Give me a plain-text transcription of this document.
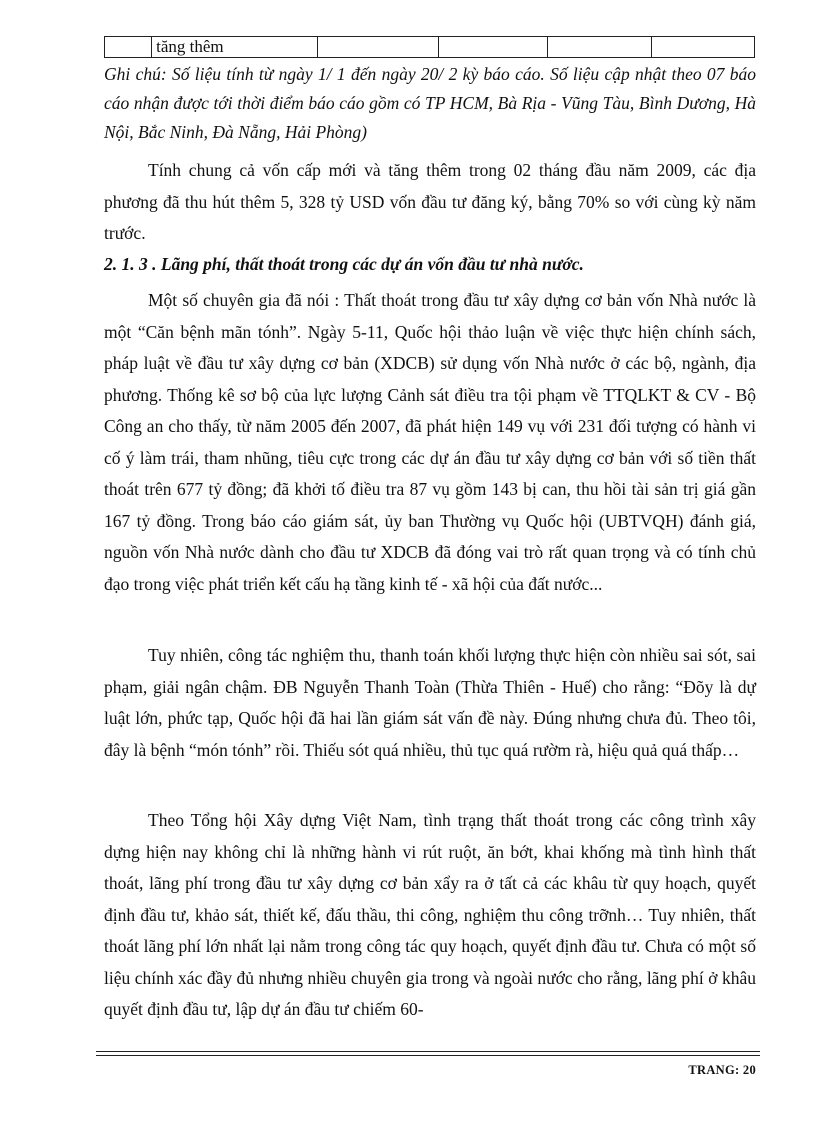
	tăng thêm				
Ghi chú: Số liệu tính từ ngày 1/ 1 đến ngày 20/ 2 kỳ báo cáo. Số liệu cập nhật theo 07 báo cáo nhận được tới thời điểm báo cáo gồm có TP HCM, Bà Rịa - Vũng Tàu, Bình Dương, Hà Nội, Bắc Ninh, Đà Nẵng, Hải Phòng)

Tính chung cả vốn cấp mới và tăng thêm trong 02 tháng đầu năm 2009, các địa phương đã thu hút thêm 5, 328 tỷ USD vốn đầu tư đăng ký, bằng 70% so với cùng kỳ năm trước.

2. 1. 3 . Lãng phí, thất thoát trong các dự án vốn đầu tư nhà nước.

Một số chuyên gia đã nói : Thất thoát trong đầu tư xây dựng cơ bản vốn Nhà nước là một “Căn bệnh mãn tónh”. Ngày 5-11, Quốc hội thảo luận về việc thực hiện chính sách, pháp luật về đầu tư xây dựng cơ bản (XDCB) sử dụng vốn Nhà nước ở các bộ, ngành, địa phương. Thống kê sơ bộ của lực lượng Cảnh sát điều tra tội phạm về TTQLKT & CV - Bộ Công an cho thấy, từ năm 2005 đến 2007, đã phát hiện 149 vụ với 231 đối tượng có hành vi cố ý làm trái, tham nhũng, tiêu cực trong các dự án đầu tư xây dựng cơ bản với số tiền thất thoát trên 677 tỷ đồng; đã khởi tố điều tra 87 vụ gồm 143 bị can, thu hồi tài sản trị giá gần 167 tỷ đồng. Trong báo cáo giám sát, ủy ban Thường vụ Quốc hội (UBTVQH) đánh giá, nguồn vốn Nhà nước dành cho đầu tư XDCB đã đóng vai trò rất quan trọng và có tính chủ đạo trong việc phát triển kết cấu hạ tầng kinh tế - xã hội của đất nước...

Tuy nhiên, công tác nghiệm thu, thanh toán khối lượng thực hiện còn nhiều sai sót, sai phạm, giải ngân chậm. ĐB Nguyễn Thanh Toàn (Thừa Thiên - Huế) cho rằng: “Đõy là dự luật lớn, phức tạp, Quốc hội đã hai lần giám sát vấn đề này. Đúng nhưng chưa đủ. Theo tôi, đây là bệnh “món tónh” rồi. Thiếu sót quá nhiều, thủ tục quá rườm rà, hiệu quả quá thấp…

Theo Tổng hội Xây dựng Việt Nam, tình trạng thất thoát trong các công trình xây dựng hiện nay không chỉ là những hành vi rút ruột, ăn bớt, khai khống mà tình hình thất thoát, lãng phí trong đầu tư xây dựng cơ bản xẩy ra ở tất cả các khâu từ quy hoạch, quyết định đầu tư, khảo sát, thiết kế, đấu thầu, thi công, nghiệm thu công trỡnh… Tuy nhiên, thất thoát lãng phí lớn nhất lại nằm trong công tác quy hoạch, quyết định đầu tư. Chưa có một số liệu chính xác đầy đủ nhưng nhiều chuyên gia trong và ngoài nước cho rằng, lãng phí ở khâu quyết định đầu tư, lập dự án đầu tư chiếm 60-

TRANG: 20
